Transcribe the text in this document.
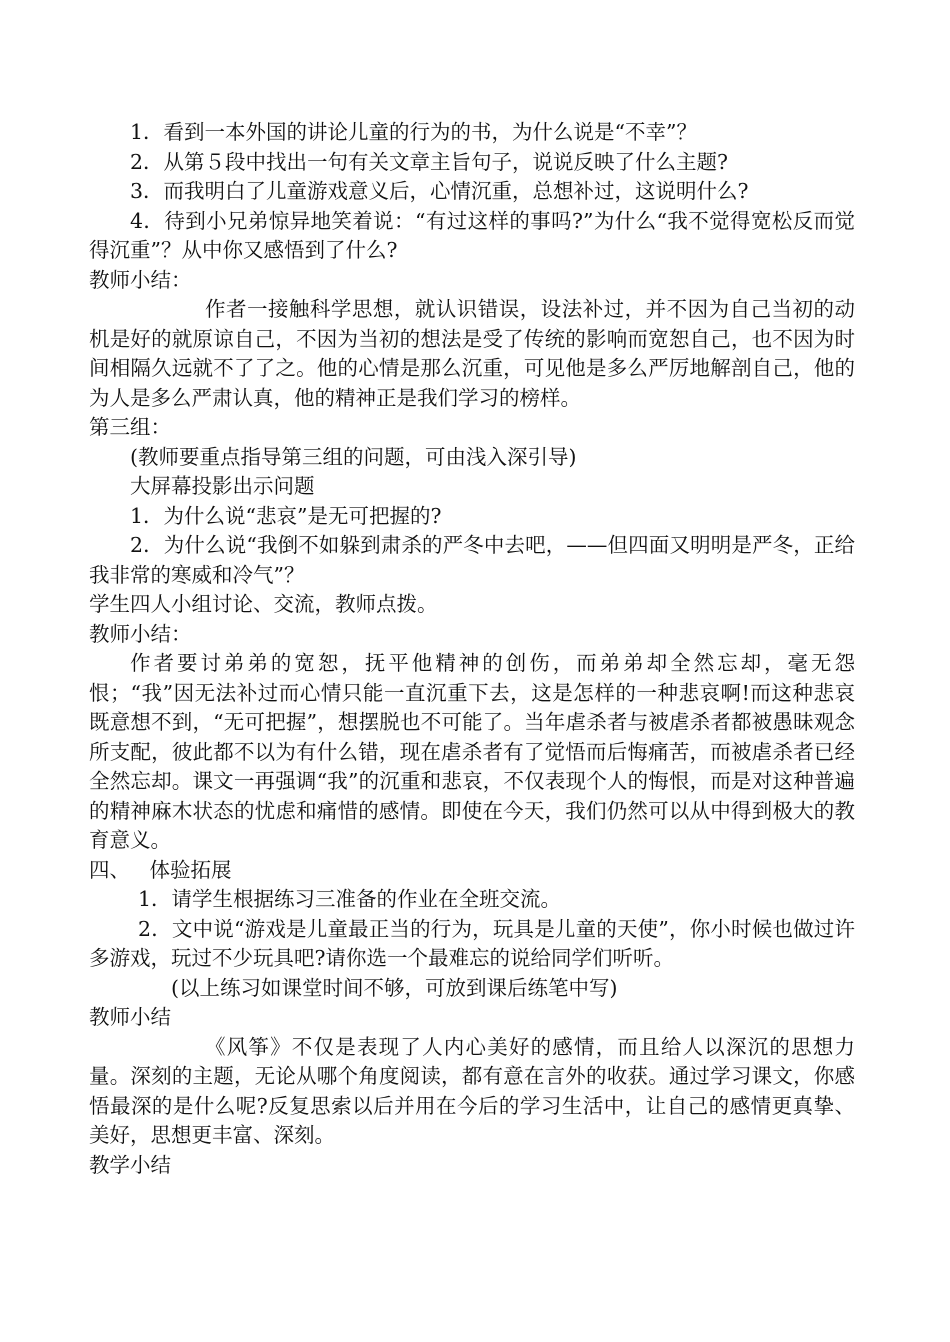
1．看到一本外国的讲论儿童的行为的书，为什么说是“不幸”？

2．从第５段中找出一句有关文章主旨句子，说说反映了什么主题?

3．而我明白了儿童游戏意义后，心情沉重，总想补过，这说明什么?

4．待到小兄弟惊异地笑着说：“有过这样的事吗?”为什么“我不觉得宽松反而觉得沉重”？从中你又感悟到了什么?

教师小结：

作者一接触科学思想，就认识错误，设法补过，并不因为自己当初的动机是好的就原谅自己，不因为当初的想法是受了传统的影响而宽恕自己，也不因为时间相隔久远就不了了之。他的心情是那么沉重，可见他是多么严厉地解剖自己，他的为人是多么严肃认真，他的精神正是我们学习的榜样。

第三组：

(教师要重点指导第三组的问题，可由浅入深引导)

大屏幕投影出示问题

1．为什么说“悲哀”是无可把握的?

2．为什么说“我倒不如躲到肃杀的严冬中去吧，——但四面又明明是严冬，正给我非常的寒威和冷气”？

学生四人小组讨论、交流，教师点拨。

教师小结：

作者要讨弟弟的宽恕，抚平他精神的创伤，而弟弟却全然忘却，毫无怨恨；“我”因无法补过而心情只能一直沉重下去，这是怎样的一种悲哀啊!而这种悲哀既意想不到，“无可把握”，想摆脱也不可能了。当年虐杀者与被虐杀者都被愚昧观念所支配，彼此都不以为有什么错，现在虐杀者有了觉悟而后悔痛苦，而被虐杀者已经全然忘却。课文一再强调“我”的沉重和悲哀，不仅表现个人的悔恨，而是对这种普遍的精神麻木状态的忧虑和痛惜的感情。即使在今天，我们仍然可以从中得到极大的教育意义。

四、   体验拓展

1．请学生根据练习三准备的作业在全班交流。

2．文中说“游戏是儿童最正当的行为，玩具是儿童的天使”，你小时候也做过许多游戏，玩过不少玩具吧?请你选一个最难忘的说给同学们听听。

(以上练习如课堂时间不够，可放到课后练笔中写)

教师小结

《风筝》不仅是表现了人内心美好的感情，而且给人以深沉的思想力量。深刻的主题，无论从哪个角度阅读，都有意在言外的收获。通过学习课文，你感悟最深的是什么呢?反复思索以后并用在今后的学习生活中，让自己的感情更真挚、美好，思想更丰富、深刻。

教学小结
